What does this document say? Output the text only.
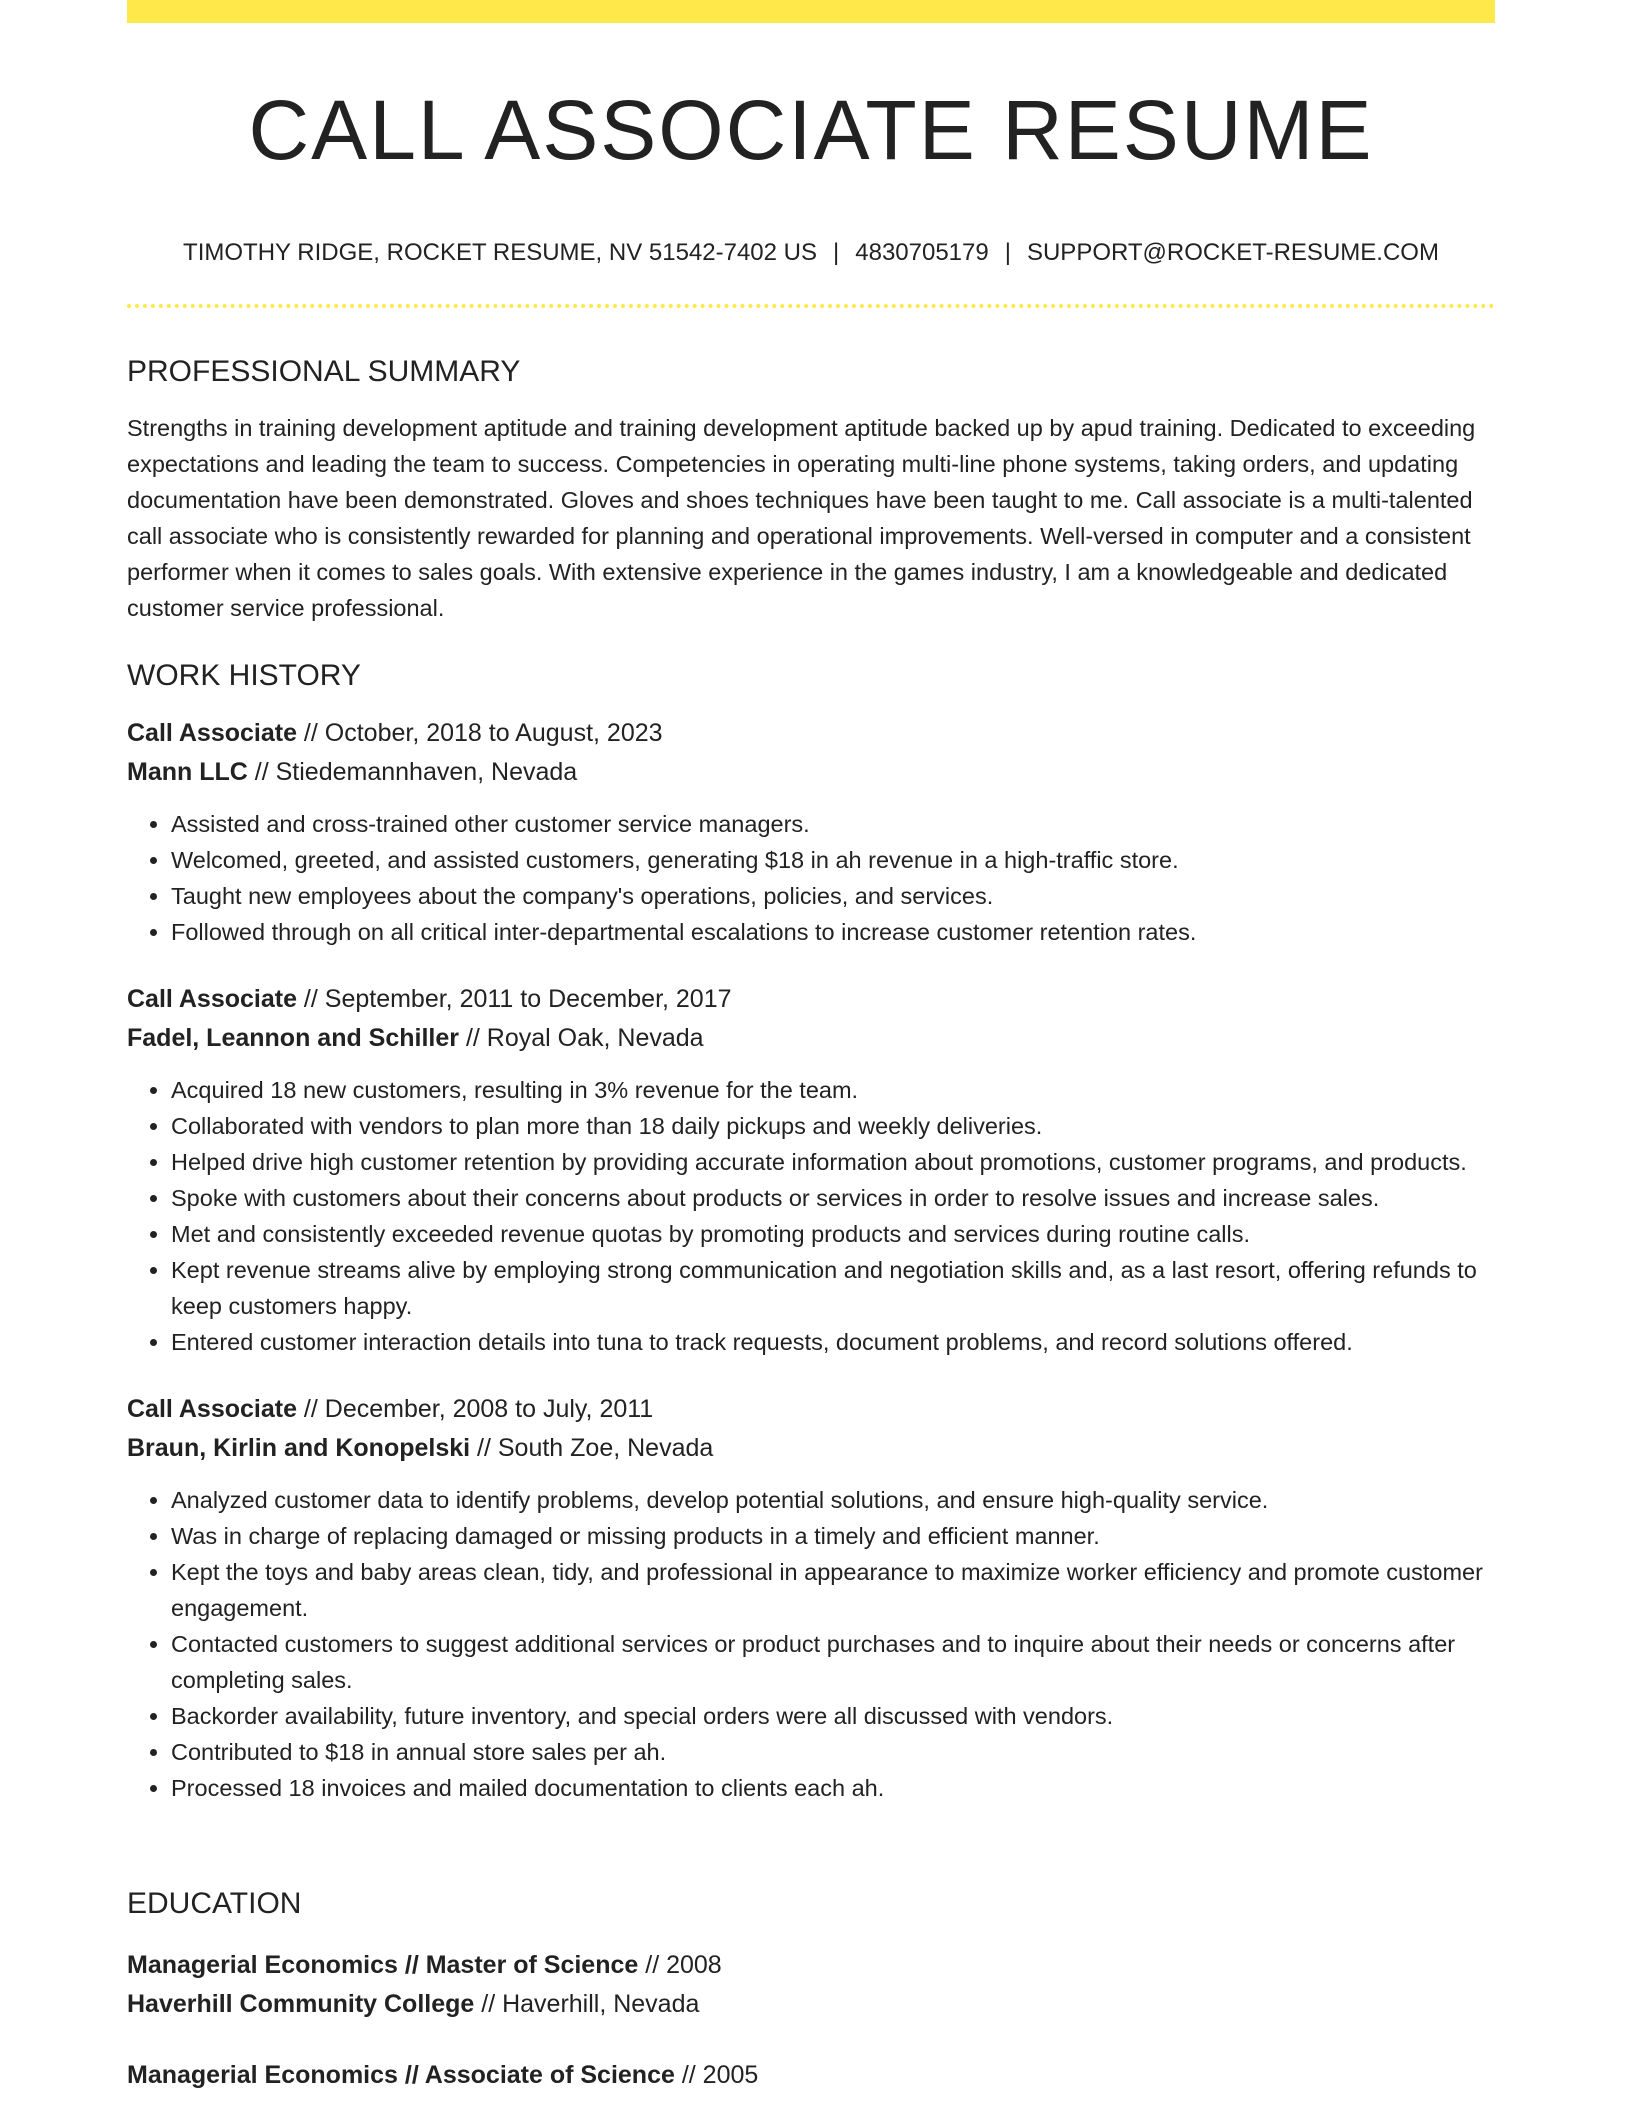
CALL ASSOCIATE RESUME
TIMOTHY RIDGE, ROCKET RESUME, NV 51542-7402 US | 4830705179 | SUPPORT@ROCKET-RESUME.COM
PROFESSIONAL SUMMARY

Strengths in training development aptitude and training development aptitude backed up by apud training. Dedicated to exceeding expectations and leading the team to success. Competencies in operating multi-line phone systems, taking orders, and updating documentation have been demonstrated. Gloves and shoes techniques have been taught to me. Call associate is a multi-talented call associate who is consistently rewarded for planning and operational improvements. Well-versed in computer and a consistent performer when it comes to sales goals. With extensive experience in the games industry, I am a knowledgeable and dedicated customer service professional.

WORK HISTORY
Call Associate // October, 2018 to August, 2023
Mann LLC // Stiedemannhaven, Nevada
• Assisted and cross-trained other customer service managers.
• Welcomed, greeted, and assisted customers, generating $18 in ah revenue in a high-traffic store.
• Taught new employees about the company's operations, policies, and services.
• Followed through on all critical inter-departmental escalations to increase customer retention rates.
Call Associate // September, 2011 to December, 2017
Fadel, Leannon and Schiller // Royal Oak, Nevada
• Acquired 18 new customers, resulting in 3% revenue for the team.
• Collaborated with vendors to plan more than 18 daily pickups and weekly deliveries.
• Helped drive high customer retention by providing accurate information about promotions, customer programs, and products.
• Spoke with customers about their concerns about products or services in order to resolve issues and increase sales.
• Met and consistently exceeded revenue quotas by promoting products and services during routine calls.
• Kept revenue streams alive by employing strong communication and negotiation skills and, as a last resort, offering refunds to keep customers happy.
• Entered customer interaction details into tuna to track requests, document problems, and record solutions offered.
Call Associate // December, 2008 to July, 2011
Braun, Kirlin and Konopelski // South Zoe, Nevada
• Analyzed customer data to identify problems, develop potential solutions, and ensure high-quality service.
• Was in charge of replacing damaged or missing products in a timely and efficient manner.
• Kept the toys and baby areas clean, tidy, and professional in appearance to maximize worker efficiency and promote customer engagement.
• Contacted customers to suggest additional services or product purchases and to inquire about their needs or concerns after completing sales.
• Backorder availability, future inventory, and special orders were all discussed with vendors.
• Contributed to $18 in annual store sales per ah.
• Processed 18 invoices and mailed documentation to clients each ah.
EDUCATION
Managerial Economics // Master of Science // 2008
Haverhill Community College // Haverhill, Nevada
Managerial Economics // Associate of Science // 2005
